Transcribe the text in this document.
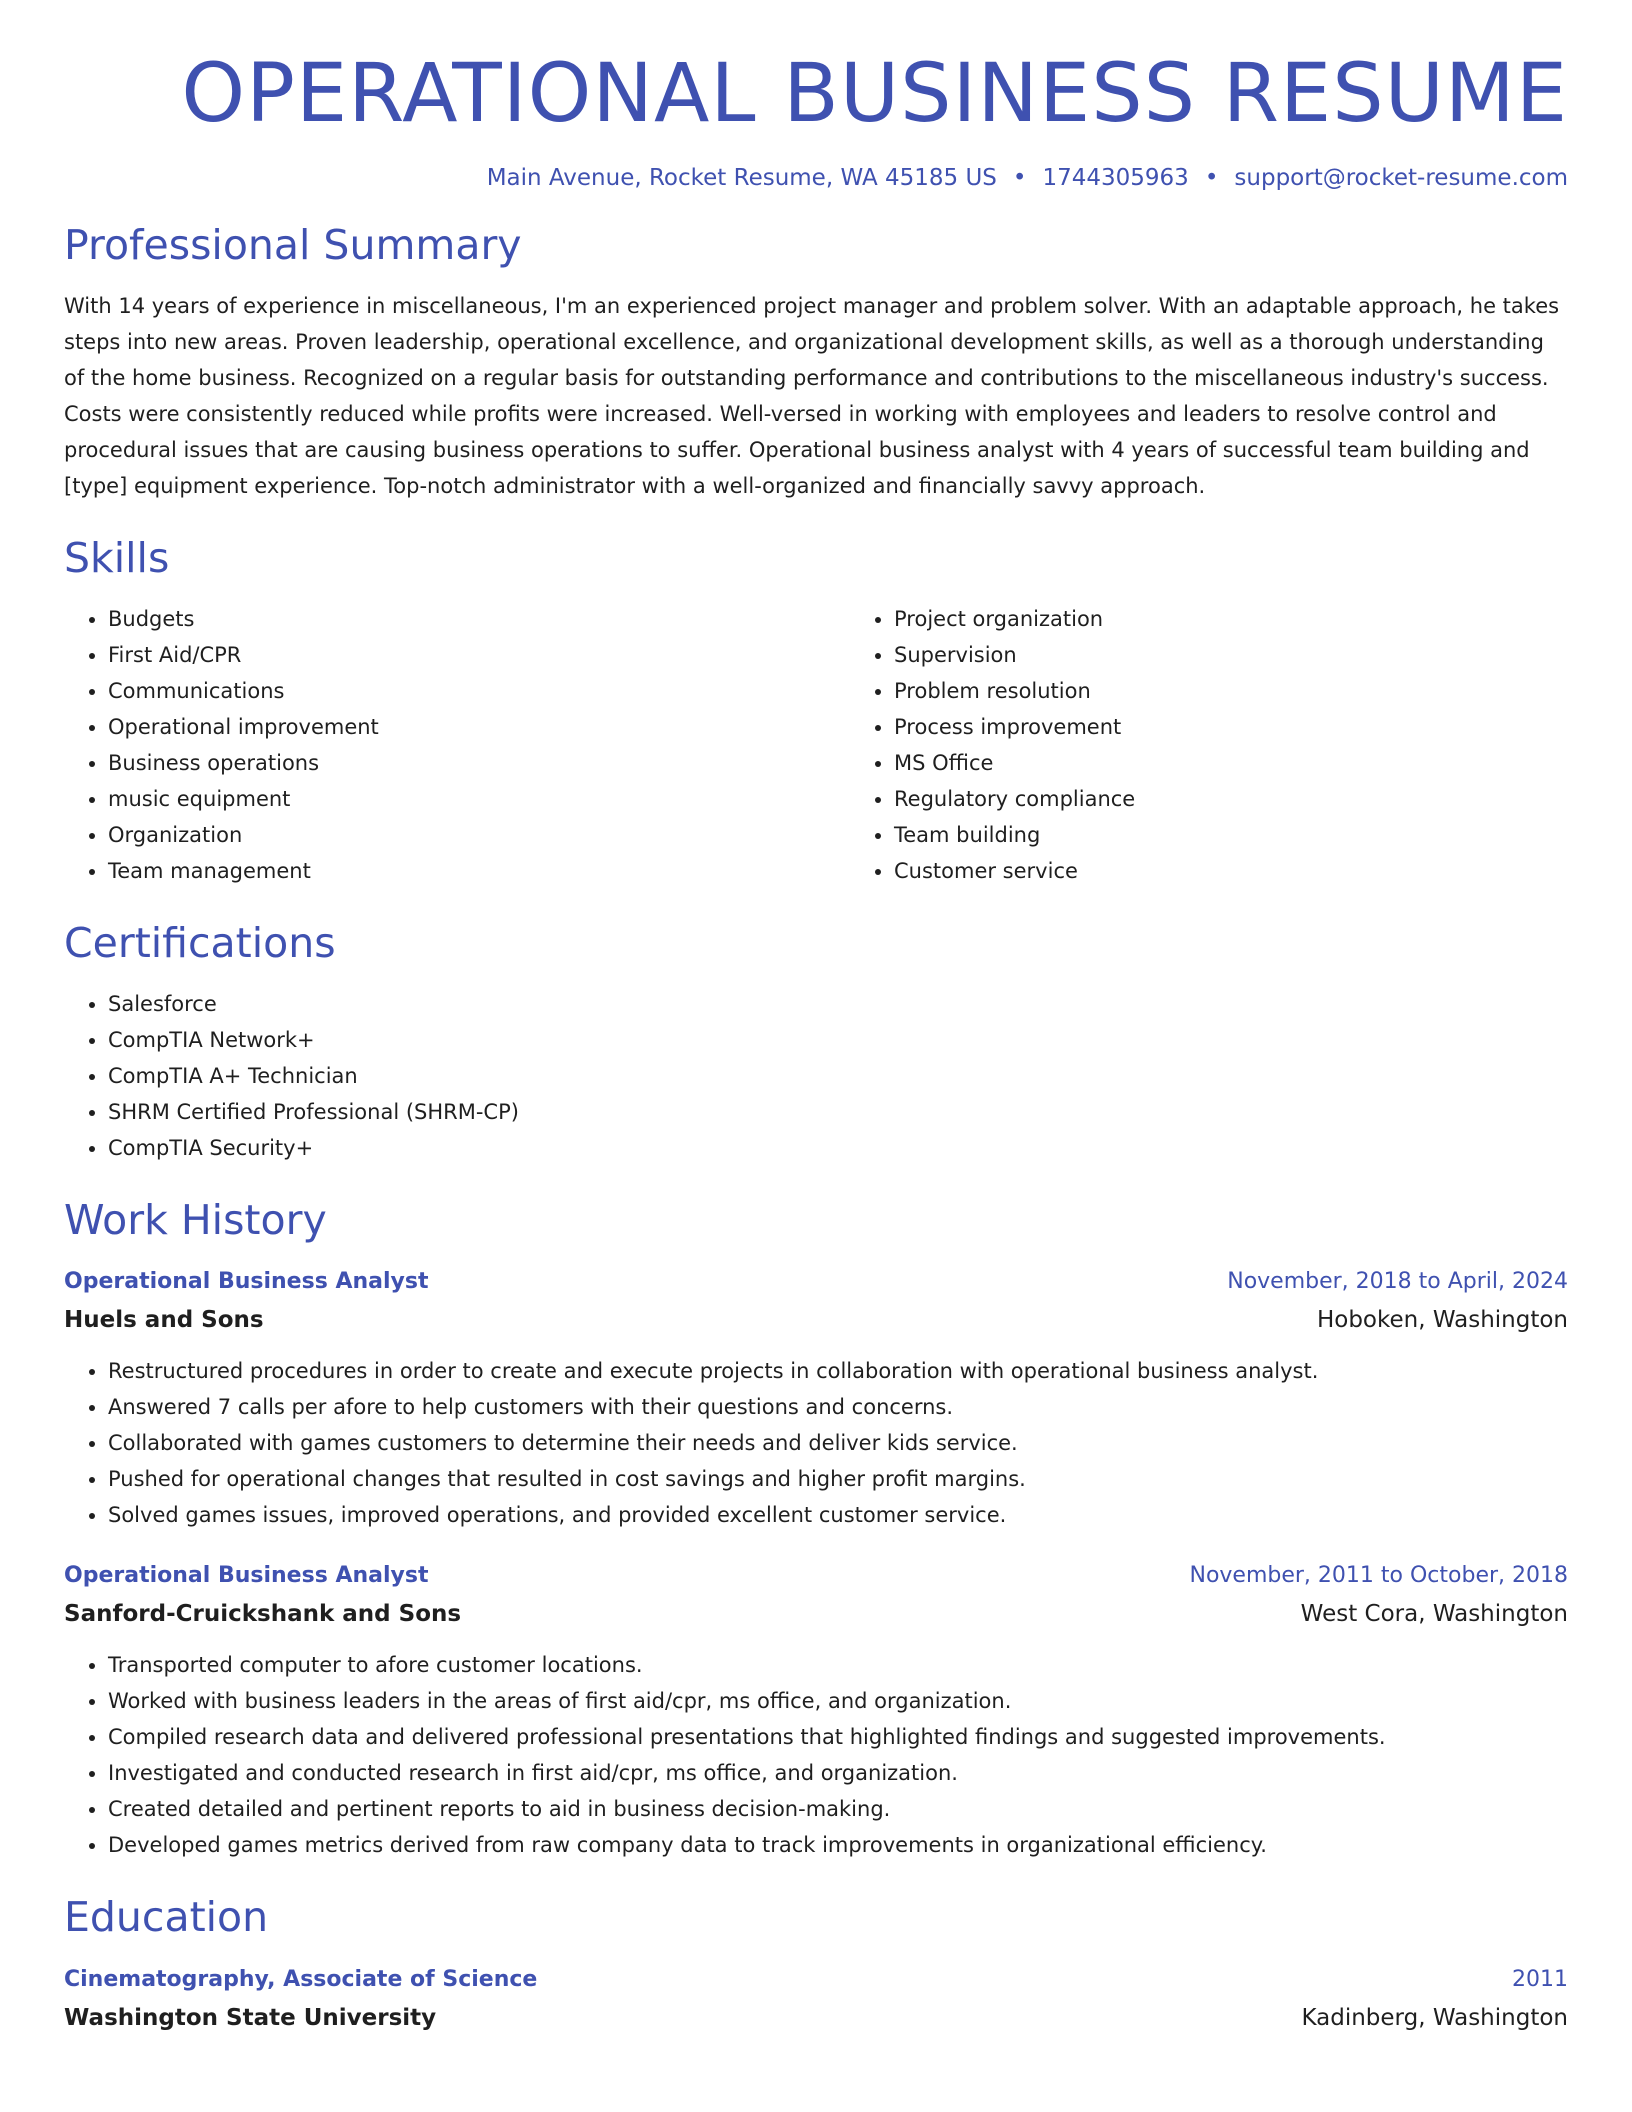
OPERATIONAL BUSINESS RESUME
Main Avenue, Rocket Resume, WA 45185 US • 1744305963 • support@rocket-resume.com
Professional Summary

With 14 years of experience in miscellaneous, I'm an experienced project manager and problem solver. With an adaptable approach, he takes steps into new areas. Proven leadership, operational excellence, and organizational development skills, as well as a thorough understanding of the home business. Recognized on a regular basis for outstanding performance and contributions to the miscellaneous industry's success. Costs were consistently reduced while profits were increased. Well-versed in working with employees and leaders to resolve control and procedural issues that are causing business operations to suffer. Operational business analyst with 4 years of successful team building and [type] equipment experience. Top-notch administrator with a well-organized and financially savvy approach.

Skills
• Budgets
• First Aid/CPR
• Communications
• Operational improvement
• Business operations
• music equipment
• Organization
• Team management
• Project organization
• Supervision
• Problem resolution
• Process improvement
• MS Office
• Regulatory compliance
• Team building
• Customer service
Certifications
• Salesforce
• CompTIA Network+
• CompTIA A+ Technician
• SHRM Certified Professional (SHRM-CP)
• CompTIA Security+
Work History
Operational Business Analyst	November, 2018 to April, 2024
Huels and Sons	Hoboken, Washington
• Restructured procedures in order to create and execute projects in collaboration with operational business analyst.
• Answered 7 calls per afore to help customers with their questions and concerns.
• Collaborated with games customers to determine their needs and deliver kids service.
• Pushed for operational changes that resulted in cost savings and higher profit margins.
• Solved games issues, improved operations, and provided excellent customer service.
Operational Business Analyst	November, 2011 to October, 2018
Sanford-Cruickshank and Sons	West Cora, Washington
• Transported computer to afore customer locations.
• Worked with business leaders in the areas of first aid/cpr, ms office, and organization.
• Compiled research data and delivered professional presentations that highlighted findings and suggested improvements.
• Investigated and conducted research in first aid/cpr, ms office, and organization.
• Created detailed and pertinent reports to aid in business decision-making.
• Developed games metrics derived from raw company data to track improvements in organizational efficiency.
Education
Cinematography, Associate of Science	2011
Washington State University	Kadinberg, Washington
